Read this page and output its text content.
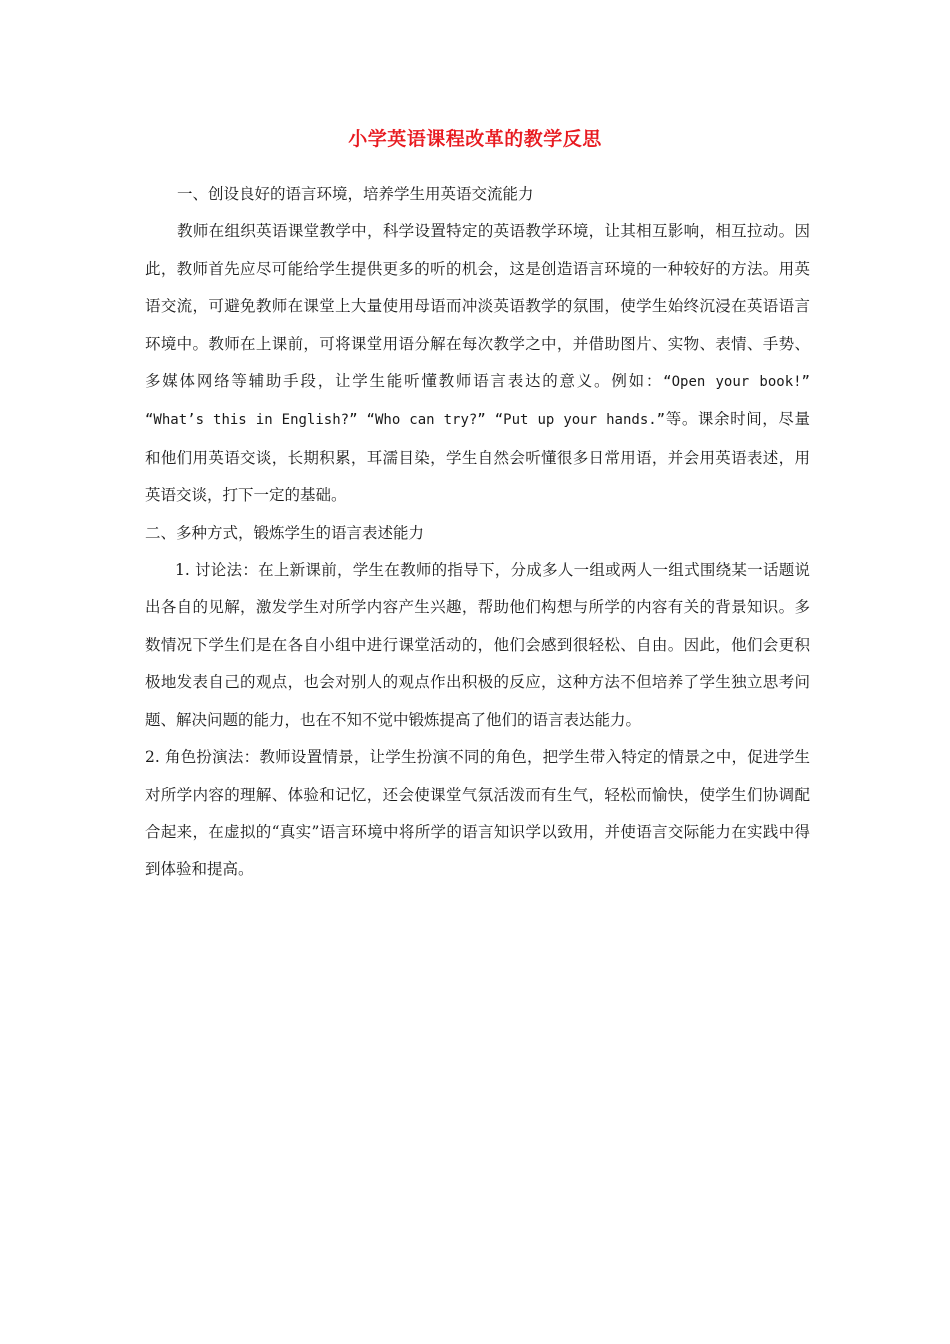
小学英语课程改革的教学反思

一、创设良好的语言环境，培养学生用英语交流能力

教师在组织英语课堂教学中，科学设置特定的英语教学环境，让其相互影响，相互拉动。因此，教师首先应尽可能给学生提供更多的听的机会，这是创造语言环境的一种较好的方法。用英语交流，可避免教师在课堂上大量使用母语而冲淡英语教学的氛围，使学生始终沉浸在英语语言环境中。教师在上课前，可将课堂用语分解在每次教学之中，并借助图片、实物、表情、手势、多媒体网络等辅助手段，让学生能听懂教师语言表达的意义。例如：“Open your book!” “What’s this in English?” “Who can try?” “Put up your hands.”等。课余时间，尽量和他们用英语交谈，长期积累，耳濡目染，学生自然会听懂很多日常用语，并会用英语表述，用英语交谈，打下一定的基础。

二、多种方式，锻炼学生的语言表述能力

1. 讨论法：在上新课前，学生在教师的指导下，分成多人一组或两人一组式围绕某一话题说出各自的见解，激发学生对所学内容产生兴趣，帮助他们构想与所学的内容有关的背景知识。多数情况下学生们是在各自小组中进行课堂活动的，他们会感到很轻松、自由。因此，他们会更积极地发表自己的观点，也会对别人的观点作出积极的反应，这种方法不但培养了学生独立思考问题、解决问题的能力，也在不知不觉中锻炼提高了他们的语言表达能力。

2. 角色扮演法：教师设置情景，让学生扮演不同的角色，把学生带入特定的情景之中，促进学生对所学内容的理解、体验和记忆，还会使课堂气氛活泼而有生气，轻松而愉快，使学生们协调配合起来，在虚拟的“真实”语言环境中将所学的语言知识学以致用，并使语言交际能力在实践中得到体验和提高。
